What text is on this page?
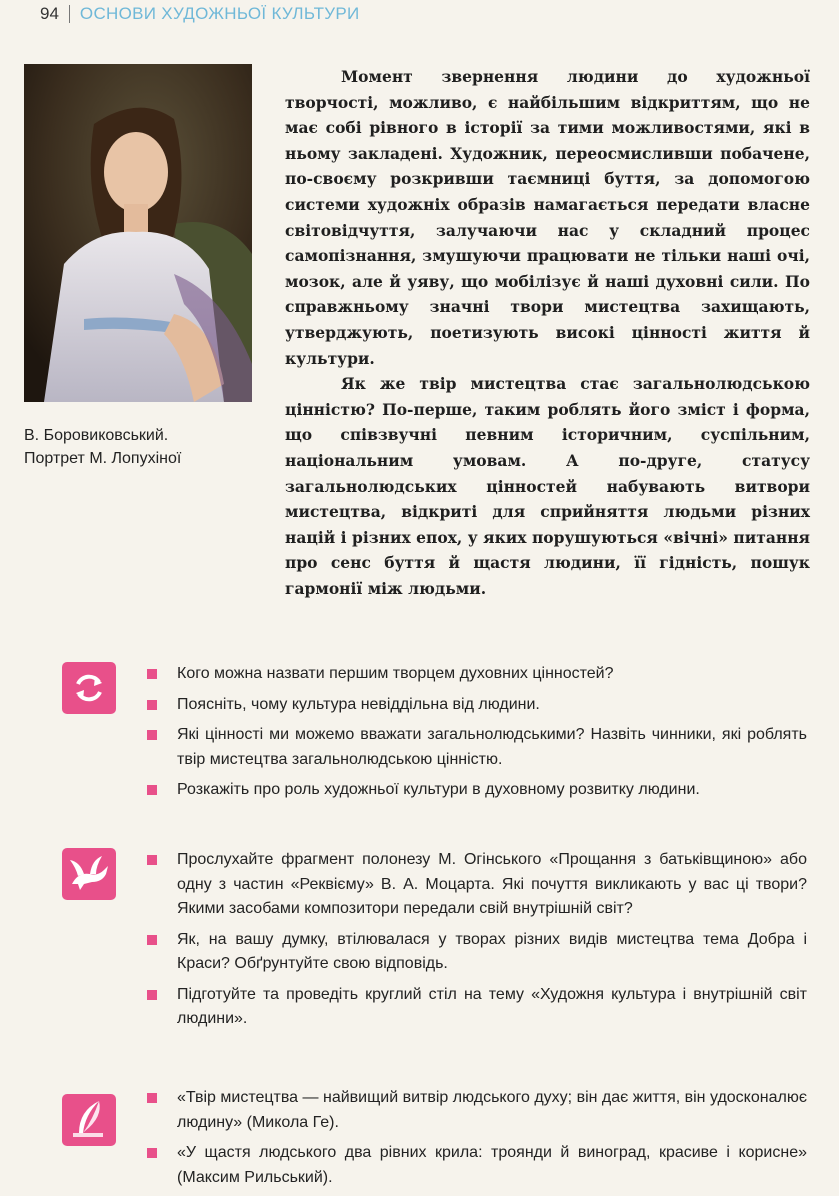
94 ОСНОВИ ХУДОЖНЬОЇ КУЛЬТУРИ
В. Боровиковський.
Портрет М. Лопухіної

Момент звернення людини до художньої творчості, можливо, є найбільшим відкриттям, що не має собі рівного в історії за тими можливостями, які в ньому закладені. Художник, переосмисливши побачене, по-своєму розкривши таємниці буття, за допомогою системи художніх образів намагається передати власне світовідчуття, залучаючи нас у складний процес самопізнання, змушуючи працювати не тільки наші очі, мозок, але й уяву, що мобілізує й наші духовні сили. По справжньому значні твори мистецтва захищають, утверджують, поетизують високі цінності життя й культури.

Як же твір мистецтва стає загальнолюдською цінністю? По-перше, таким роблять його зміст і форма, що співзвучні певним історичним, суспільним, національним умовам. А по-друге, статусу загальнолюдських цінностей набувають витвори мистецтва, відкриті для сприйняття людьми різних націй і різних епох, у яких порушуються «вічні» питання про сенс буття й щастя людини, її гідність, пошук гармонії між людьми.

Кого можна назвати першим творцем духовних цінностей?
Поясніть, чому культура невіддільна від людини.
Які цінності ми можемо вважати загальнолюдськими? Назвіть чинники, які роблять твір мистецтва загальнолюдською цінністю.
Розкажіть про роль художньої культури в духовному розвитку людини.
Прослухайте фрагмент полонезу М. Огінського «Прощання з батьківщиною» або одну з частин «Реквієму» В. А. Моцарта. Які почуття викликають у вас ці твори? Якими засобами композитори передали свій внутрішній світ?
Як, на вашу думку, втілювалася у творах різних видів мистецтва тема Добра і Краси? Обґрунтуйте свою відповідь.
Підготуйте та проведіть круглий стіл на тему «Художня культура і внутрішній світ людини».
«Твір мистецтва — найвищий витвір людського духу; він дає життя, він удосконалює людину» (Микола Ге).
«У щастя людського два рівних крила: троянди й виноград, красиве і корисне» (Максим Рильський).
